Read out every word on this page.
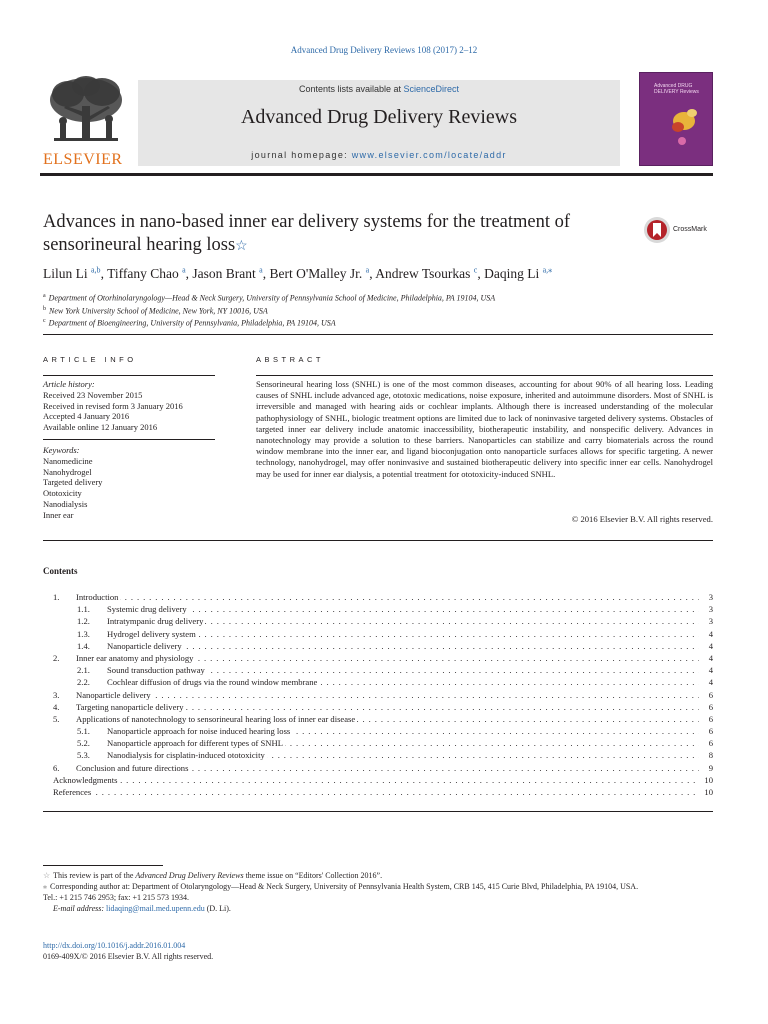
Advanced Drug Delivery Reviews 108 (2017) 2–12
ELSEVIER
Contents lists available at ScienceDirect
Advanced Drug Delivery Reviews
journal homepage: www.elsevier.com/locate/addr
Advanced DRUG DELIVERY Reviews
Advances in nano-based inner ear delivery systems for the treatment of sensorineural hearing loss☆
CrossMark
Lilun Li $^{a,b}$, Tiffany Chao $^a$, Jason Brant $^a$, Bert O'Malley Jr. $^a$, Andrew Tsourkas $^c$, Daqing Li $^{a,⁎}$
$^a$ Department of Otorhinolaryngology—Head & Neck Surgery, University of Pennsylvania School of Medicine, Philadelphia, PA 19104, USA
$^b$ New York University School of Medicine, New York, NY 10016, USA
$^c$ Department of Bioengineering, University of Pennsylvania, Philadelphia, PA 19104, USA
ARTICLE INFO	ABSTRACT
Article history:
Received 23 November 2015
Received in revised form 3 January 2016
Accepted 4 January 2016
Available online 12 January 2016
Keywords:
Nanomedicine
Nanohydrogel
Targeted delivery
Ototoxicity
Nanodialysis
Inner ear
Sensorineural hearing loss (SNHL) is one of the most common diseases, accounting for about 90% of all hearing loss. Leading causes of SNHL include advanced age, ototoxic medications, noise exposure, inherited and autoimmune disorders. Most of SNHL is irreversible and managed with hearing aids or cochlear implants. Although there is increased understanding of the molecular pathophysiology of SNHL, biologic treatment options are limited due to lack of noninvasive targeted delivery systems. Obstacles of targeted inner ear delivery include anatomic inaccessibility, biotherapeutic instability, and nonspecific delivery. Advances in nanotechnology may provide a solution to these barriers. Nanoparticles can stabilize and carry biomaterials across the round window membrane into the inner ear, and ligand bioconjugation onto nanoparticle surfaces allows for specific targeting. A newer technology, nanohydrogel, may offer noninvasive and sustained biotherapeutic delivery into specific inner ear cells. Nanohydrogel may be used for inner ear dialysis, a potential treatment for ototoxicity-induced SNHL.
© 2016 Elsevier B.V. All rights reserved.
Contents
1. Introduction . . .	3
1.1. Systemic drug delivery . . .	3
1.2. Intratympanic drug delivery . . .	3
1.3. Hydrogel delivery system . . .	4
1.4. Nanoparticle delivery . . .	4
2. Inner ear anatomy and physiology . . .	4
2.1. Sound transduction pathway . . .	4
2.2. Cochlear diffusion of drugs via the round window membrane . . .	4
3. Nanoparticle delivery . . .	6
4. Targeting nanoparticle delivery . . .	6
5. Applications of nanotechnology to sensorineural hearing loss of inner ear disease . . .	6
5.1. Nanoparticle approach for noise induced hearing loss . . .	6
5.2. Nanoparticle approach for different types of SNHL . . .	6
5.3. Nanodialysis for cisplatin-induced ototoxicity . . .	8
6. Conclusion and future directions . . .	9
Acknowledgments . . .	10
References . . .	10
☆ This review is part of the Advanced Drug Delivery Reviews theme issue on “Editors' Collection 2016”.
⁎ Corresponding author at: Department of Otolaryngology—Head & Neck Surgery, University of Pennsylvania Health System, CRB 145, 415 Curie Blvd, Philadelphia, PA 19104, USA.
Tel.: +1 215 746 2953; fax: +1 215 573 1934.
E-mail address: lidaqing@mail.med.upenn.edu (D. Li).
http://dx.doi.org/10.1016/j.addr.2016.01.004
0169-409X/© 2016 Elsevier B.V. All rights reserved.
